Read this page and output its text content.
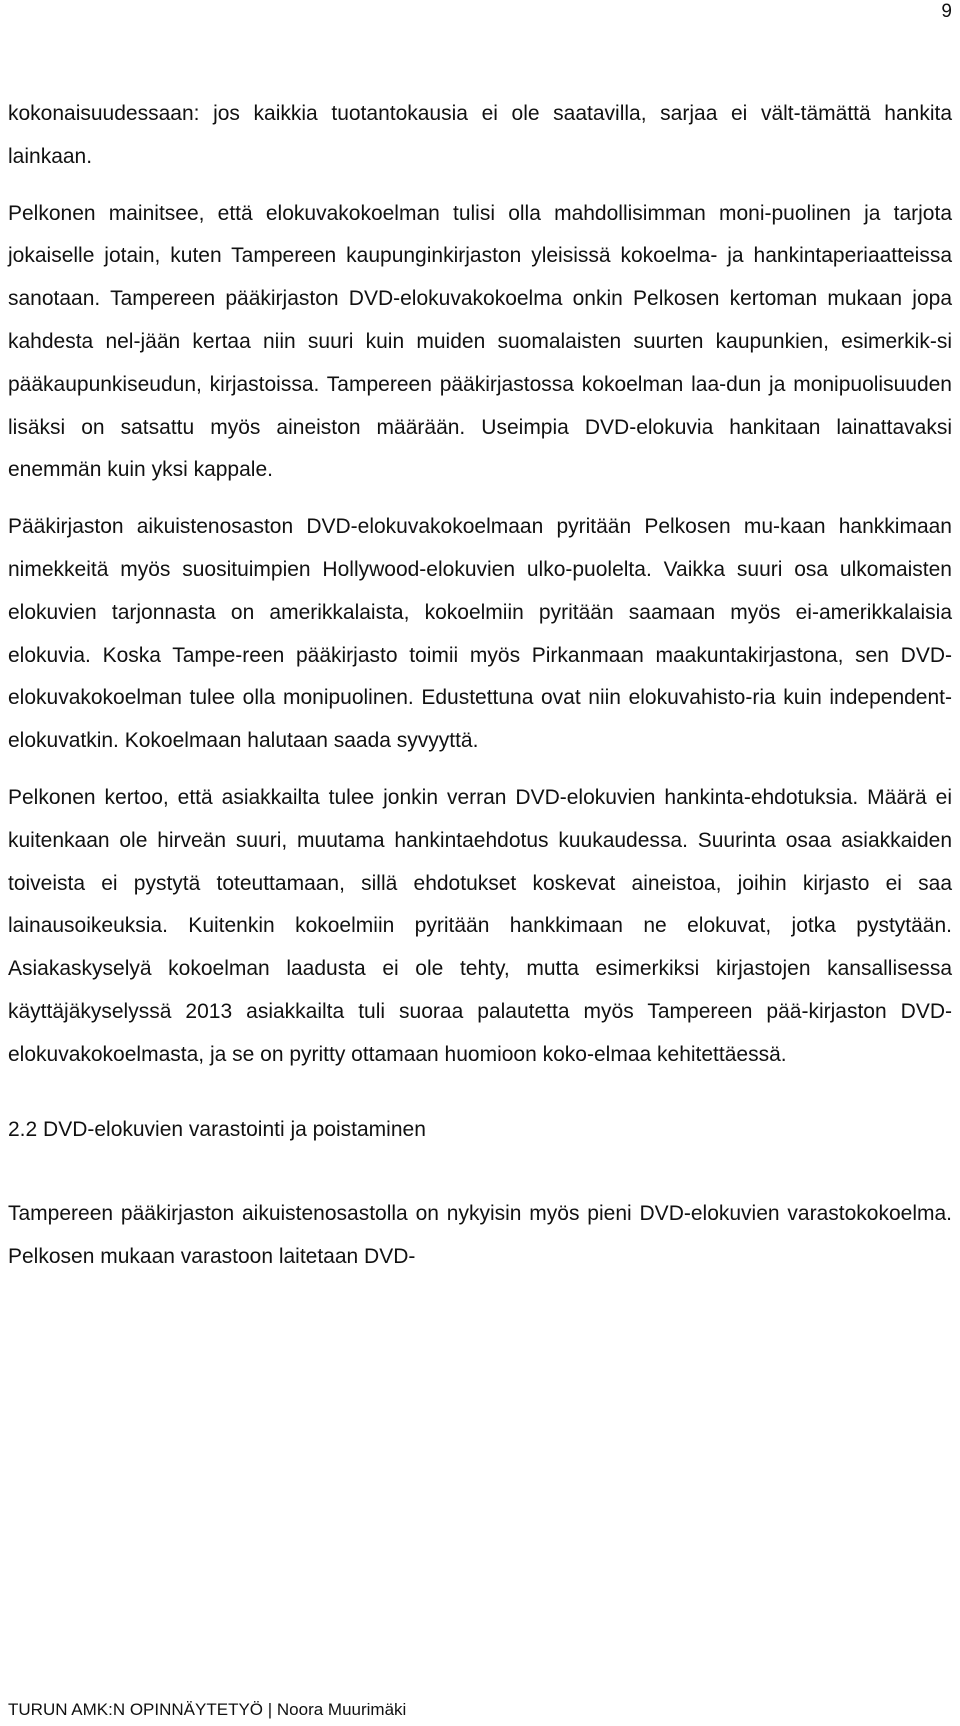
9

kokonaisuudessaan: jos kaikkia tuotantokausia ei ole saatavilla, sarjaa ei vält-tämättä hankita lainkaan.

Pelkonen mainitsee, että elokuvakokoelman tulisi olla mahdollisimman moni-puolinen ja tarjota jokaiselle jotain, kuten Tampereen kaupunginkirjaston yleisissä kokoelma- ja hankintaperiaatteissa sanotaan. Tampereen pääkirjaston DVD-elokuvakokoelma onkin Pelkosen kertoman mukaan jopa kahdesta nel-jään kertaa niin suuri kuin muiden suomalaisten suurten kaupunkien, esimerkik-si pääkaupunkiseudun, kirjastoissa. Tampereen pääkirjastossa kokoelman laa-dun ja monipuolisuuden lisäksi on satsattu myös aineiston määrään. Useimpia DVD-elokuvia hankitaan lainattavaksi enemmän kuin yksi kappale.

Pääkirjaston aikuistenosaston DVD-elokuvakokoelmaan pyritään Pelkosen mu-kaan hankkimaan nimekkeitä myös suosituimpien Hollywood-elokuvien ulko-puolelta. Vaikka suuri osa ulkomaisten elokuvien tarjonnasta on amerikkalaista, kokoelmiin pyritään saamaan myös ei-amerikkalaisia elokuvia. Koska Tampe-reen pääkirjasto toimii myös Pirkanmaan maakuntakirjastona, sen DVD-elokuvakokoelman tulee olla monipuolinen. Edustettuna ovat niin elokuvahisto-ria kuin independent-elokuvatkin. Kokoelmaan halutaan saada syvyyttä.

Pelkonen kertoo, että asiakkailta tulee jonkin verran DVD-elokuvien hankinta-ehdotuksia. Määrä ei kuitenkaan ole hirveän suuri, muutama hankintaehdotus kuukaudessa. Suurinta osaa asiakkaiden toiveista ei pystytä toteuttamaan, sillä ehdotukset koskevat aineistoa, joihin kirjasto ei saa lainausoikeuksia. Kuitenkin kokoelmiin pyritään hankkimaan ne elokuvat, jotka pystytään. Asiakaskyselyä kokoelman laadusta ei ole tehty, mutta esimerkiksi kirjastojen kansallisessa käyttäjäkyselyssä 2013 asiakkailta tuli suoraa palautetta myös Tampereen pää-kirjaston DVD-elokuvakokoelmasta, ja se on pyritty ottamaan huomioon koko-elmaa kehitettäessä.

2.2 DVD-elokuvien varastointi ja poistaminen

Tampereen pääkirjaston aikuistenosastolla on nykyisin myös pieni DVD-elokuvien varastokokoelma. Pelkosen mukaan varastoon laitetaan DVD-

TURUN AMK:N OPINNÄYTETYÖ | Noora Muurimäki
